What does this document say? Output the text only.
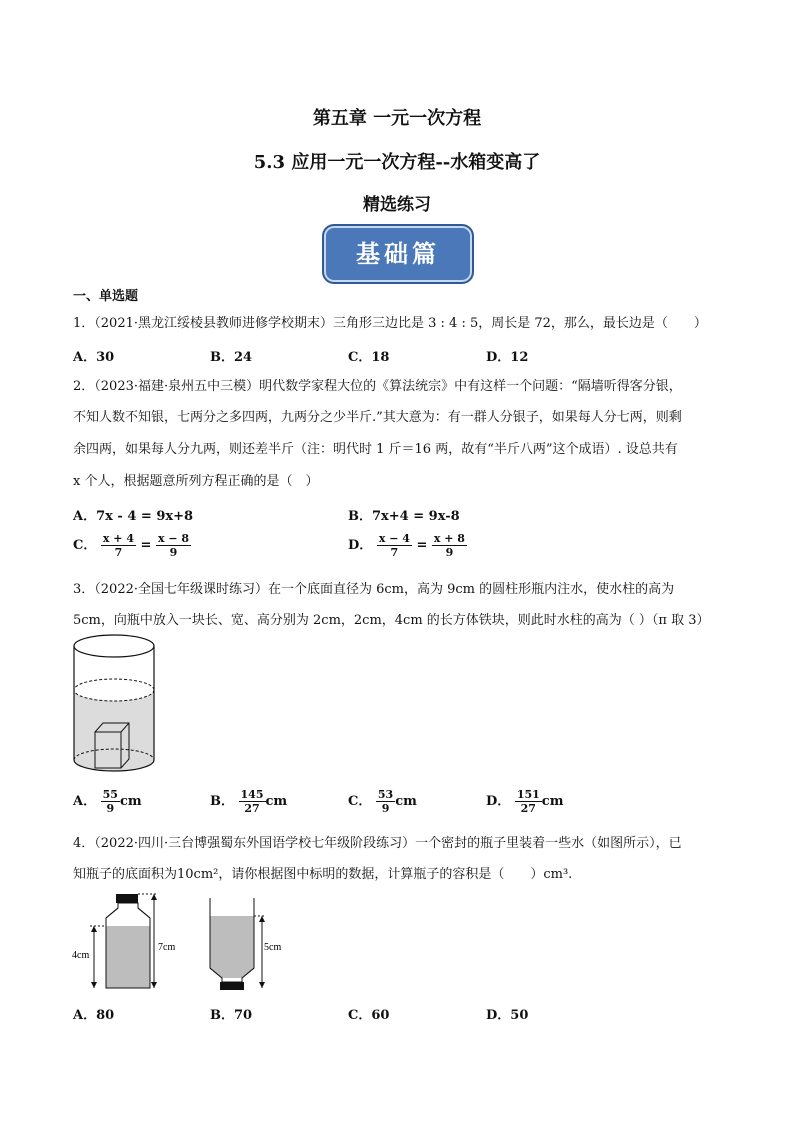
第五章 一元一次方程
5.3 应用一元一次方程--水箱变高了
精选练习
基础篇
一、单选题
1．（2021·黑龙江绥棱县教师进修学校期末）三角形三边比是 3 : 4 : 5，周长是 72，那么，最长边是（　　）
A．30	B．24	C．18	D．12
2．（2023·福建·泉州五中三模）明代数学家程大位的《算法统宗》中有这样一个问题：“隔墙听得客分银，
不知人数不知银，七两分之多四两，九两分之少半斤.”其大意为：有一群人分银子，如果每人分七两，则剩
余四两，如果每人分九两，则还差半斤（注：明代时 1 斤＝16 两，故有“半斤八两”这个成语）. 设总共有
x 个人，根据题意所列方程正确的是（　）
A．7x - 4 = 9x+8	B．7x+4 = 9x-8
C． $\frac{x + 4}{7} = \frac{x - 8}{9}$	D． $\frac{x - 4}{7} = \frac{x + 8}{9}$
3．（2022·全国七年级课时练习）在一个底面直径为 6cm，高为 9cm 的圆柱形瓶内注水，使水柱的高为
5cm，向瓶中放入一块长、宽、高分别为 2cm，2cm，4cm 的长方体铁块，则此时水柱的高为（ ）（π 取 3）
A． $\frac{55}{9}$ cm	B． $\frac{145}{27}$ cm	C． $\frac{53}{9}$ cm	D． $\frac{151}{27}$ cm
4．（2022·四川·三台博强蜀东外国语学校七年级阶段练习）一个密封的瓶子里装着一些水（如图所示），已
知瓶子的底面积为10cm²，请你根据图中标明的数据，计算瓶子的容积是（　　）cm³.
4cm
7cm	5cm
A．80	B．70	C．60	D．50
